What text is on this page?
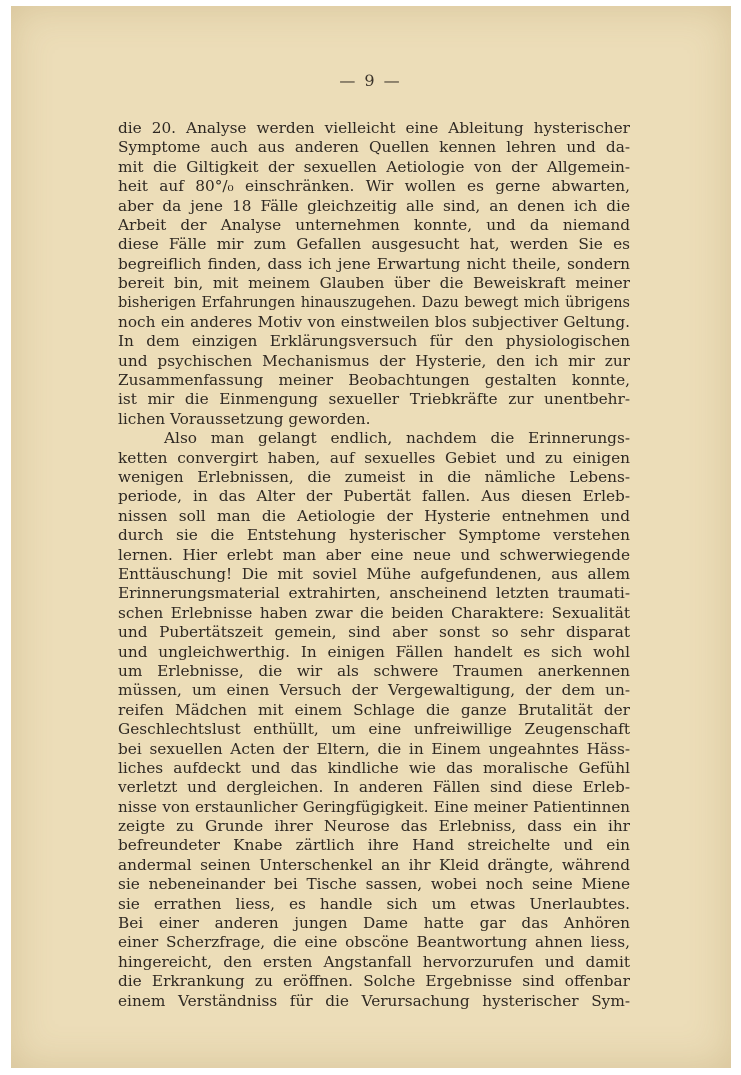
— 9 —
die 20. Analyse werden vielleicht eine Ableitung hysterischer
Symptome auch aus anderen Quellen kennen lehren und da-
mit die Giltigkeit der sexuellen Aetiologie von der Allgemein-
heit auf 80°/₀ einschränken. Wir wollen es gerne abwarten,
aber da jene 18 Fälle gleichzeitig alle sind, an denen ich die
Arbeit der Analyse unternehmen konnte, und da niemand
diese Fälle mir zum Gefallen ausgesucht hat, werden Sie es
begreiflich finden, dass ich jene Erwartung nicht theile, sondern
bereit bin, mit meinem Glauben über die Beweiskraft meiner
bisherigen Erfahrungen hinauszugehen. Dazu bewegt mich übrigens
noch ein anderes Motiv von einstweilen blos subjectiver Geltung.
In dem einzigen Erklärungsversuch für den physiologischen
und psychischen Mechanismus der Hysterie, den ich mir zur
Zusammenfassung meiner Beobachtungen gestalten konnte,
ist mir die Einmengung sexueller Triebkräfte zur unentbehr-
lichen Voraussetzung geworden.
Also man gelangt endlich, nachdem die Erinnerungs-
ketten convergirt haben, auf sexuelles Gebiet und zu einigen
wenigen Erlebnissen, die zumeist in die nämliche Lebens-
periode, in das Alter der Pubertät fallen. Aus diesen Erleb-
nissen soll man die Aetiologie der Hysterie entnehmen und
durch sie die Entstehung hysterischer Symptome verstehen
lernen. Hier erlebt man aber eine neue und schwerwiegende
Enttäuschung! Die mit soviel Mühe aufgefundenen, aus allem
Erinnerungsmaterial extrahirten, anscheinend letzten traumati-
schen Erlebnisse haben zwar die beiden Charaktere: Sexualität
und Pubertätszeit gemein, sind aber sonst so sehr disparat
und ungleichwerthig. In einigen Fällen handelt es sich wohl
um Erlebnisse, die wir als schwere Traumen anerkennen
müssen, um einen Versuch der Vergewaltigung, der dem un-
reifen Mädchen mit einem Schlage die ganze Brutalität der
Geschlechtslust enthüllt, um eine unfreiwillige Zeugenschaft
bei sexuellen Acten der Eltern, die in Einem ungeahntes Häss-
liches aufdeckt und das kindliche wie das moralische Gefühl
verletzt und dergleichen. In anderen Fällen sind diese Erleb-
nisse von erstaunlicher Geringfügigkeit. Eine meiner Patientinnen
zeigte zu Grunde ihrer Neurose das Erlebniss, dass ein ihr
befreundeter Knabe zärtlich ihre Hand streichelte und ein
andermal seinen Unterschenkel an ihr Kleid drängte, während
sie nebeneinander bei Tische sassen, wobei noch seine Miene
sie errathen liess, es handle sich um etwas Unerlaubtes.
Bei einer anderen jungen Dame hatte gar das Anhören
einer Scherzfrage, die eine obscöne Beantwortung ahnen liess,
hingereicht, den ersten Angstanfall hervorzurufen und damit
die Erkrankung zu eröffnen. Solche Ergebnisse sind offenbar
einem Verständniss für die Verursachung hysterischer Sym-
